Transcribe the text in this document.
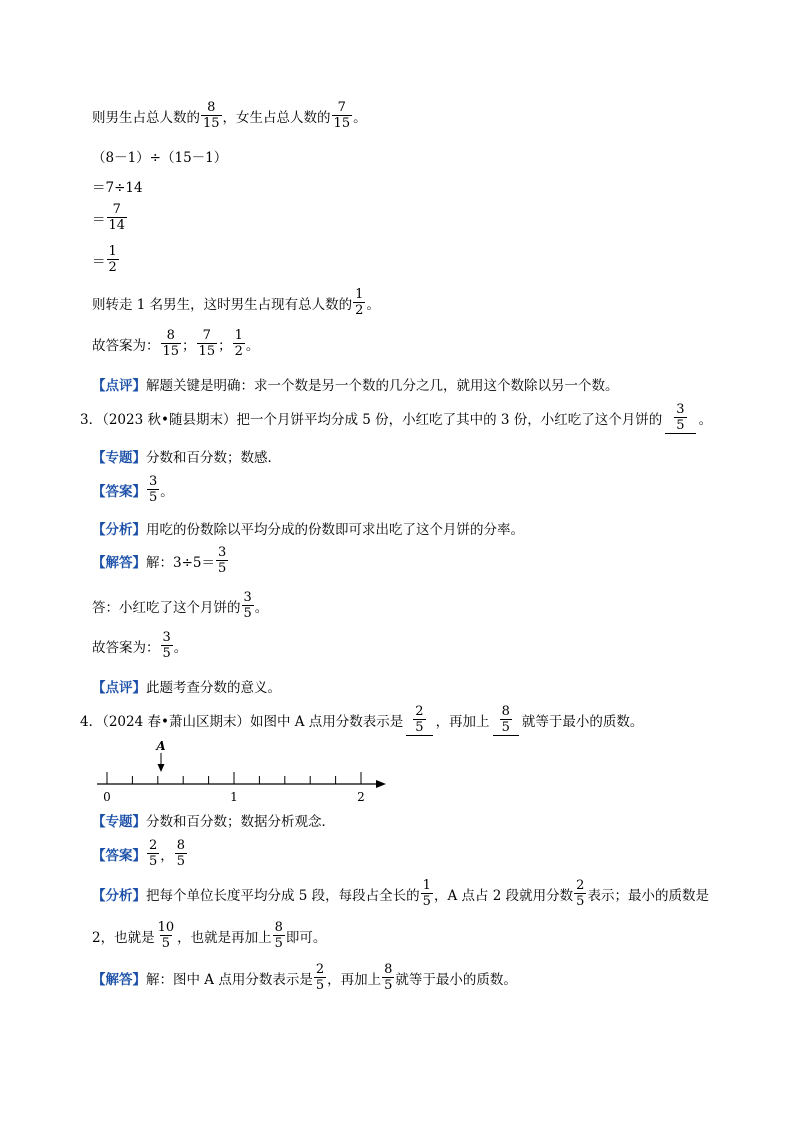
则男生占总人数的 $\frac{8}{15}$ ，女生占总人数的 $\frac{7}{15}$ 。
（8－1）÷（15－1）
＝7÷14
＝ $\frac{7}{14}$
＝ $\frac{1}{2}$
则转走 1 名男生，这时男生占现有总人数的 $\frac{1}{2}$ 。
故答案为： $\frac{8}{15}$ ； $\frac{7}{15}$ ； $\frac{1}{2}$ 。
【点评】 解题关键是明确：求一个数是另一个数的几分之几，就用这个数除以另一个数。
3．（2023 秋•随县期末）把一个月饼平均分成 5 份，小红吃了其中的 3 份，小红吃了这个月饼的 $\frac{3}{5}$ 。
【专题】 分数和百分数；数感．
【答案】 $\frac{3}{5}$ 。
【分析】 用吃的份数除以平均分成的份数即可求出吃了这个月饼的分率。
【解答】 解：$3\div 5= \frac{3}{5}$
答：小红吃了这个月饼的 $\frac{3}{5}$ 。
故答案为： $\frac{3}{5}$ 。
【点评】 此题考查分数的意义。
4．（2024 春•萧山区期末）如图中 A 点用分数表示是 $\frac{2}{5}$ ，再加上 $\frac{8}{5}$ 就等于最小的质数。
A
0	1	2
【专题】 分数和百分数；数据分析观念．
【答案】 $\frac{2}{5}$ ， $\frac{8}{5}$
【分析】 把每个单位长度平均分成 5 段，每段占全长的 $\frac{1}{5}$ ，A 点占 2 段就用分数 $\frac{2}{5}$ 表示；最小的质数是
2，也就是 $\frac{10}{5}$ ，也就是再加上 $\frac{8}{5}$ 即可。
【解答】 解：图中 A 点用分数表示是 $\frac{2}{5}$ ，再加上 $\frac{8}{5}$ 就等于最小的质数。
